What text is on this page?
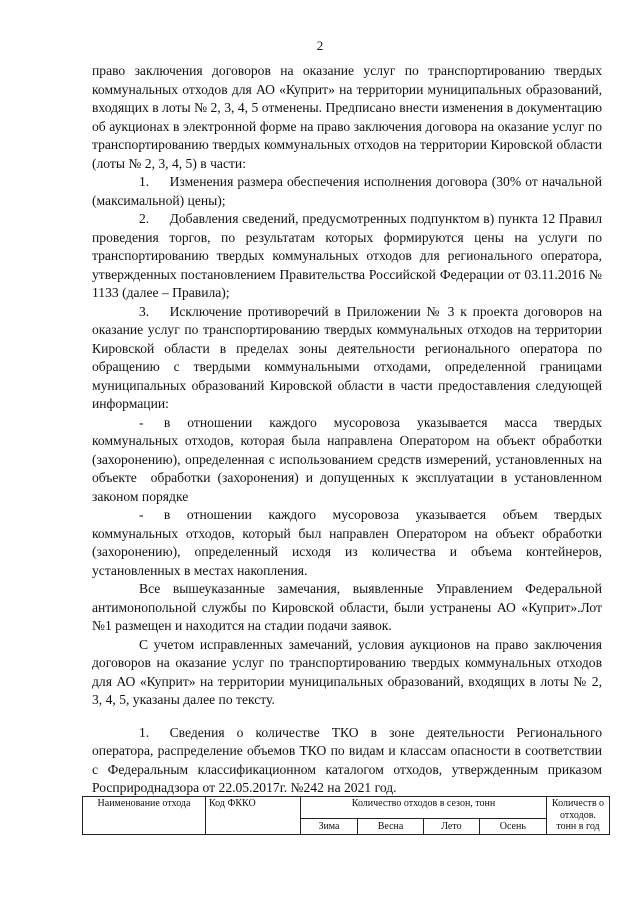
2

право заключения договоров на оказание услуг по транспортированию твердых коммунальных отходов для АО «Куприт» на территории муниципальных образований, входящих в лоты № 2, 3, 4, 5 отменены. Предписано внести изменения в документацию об аукционах в электронной форме на право заключения договора на оказание услуг по транспортированию твердых коммунальных отходов на территории Кировской области (лоты № 2, 3, 4, 5) в части:

1.  Изменения размера обеспечения исполнения договора (30% от начальной (максимальной) цены);

2.  Добавления сведений, предусмотренных подпунктом в) пункта 12 Правил проведения торгов, по результатам которых формируются цены на услуги по транспортированию твердых коммунальных отходов для регионального оператора, утвержденных постановлением Правительства Российской Федерации от 03.11.2016 № 1133 (далее – Правила);

3.  Исключение противоречий в Приложении № 3 к проекта договоров на оказание услуг по транспортированию твердых коммунальных отходов на территории Кировской области в пределах зоны деятельности регионального оператора по обращению с твердыми коммунальными отходами, определенной границами муниципальных образований Кировской области в части предоставления следующей информации:

-  в отношении каждого мусоровоза указывается масса твердых коммунальных отходов, которая была направлена Оператором на объект обработки (захоронению), определенная с использованием средств измерений, установленных на объекте  обработки (захоронения) и допущенных к эксплуатации в установленном законом порядке

-  в отношении каждого мусоровоза указывается объем твердых коммунальных отходов, который был направлен Оператором на объект обработки (захоронению), определенный исходя из количества и объема контейнеров, установленных в местах накопления.

Все вышеуказанные замечания, выявленные Управлением Федеральной антимонопольной службы по Кировской области, были устранены АО «Куприт».Лот №1 размещен и находится на стадии подачи заявок.

С учетом исправленных замечаний, условия аукционов на право заключения договоров на оказание услуг по транспортированию твердых коммунальных отходов для АО «Куприт» на территории муниципальных образований, входящих в лоты № 2, 3, 4, 5, указаны далее по тексту.

1.  Сведения о количестве ТКО в зоне деятельности Регионального оператора, распределение объемов ТКО по видам и классам опасности в соответствии с Федеральным классификационном каталогом отходов, утвержденным приказом Росприроднадзора от 22.05.2017г. №242 на 2021 год.

Наименование отхода	Код ФККО	Количество отходов в сезон, тонн				Количеств о отходов. тонн в год
		Зима	Весна	Лето	Осень	
